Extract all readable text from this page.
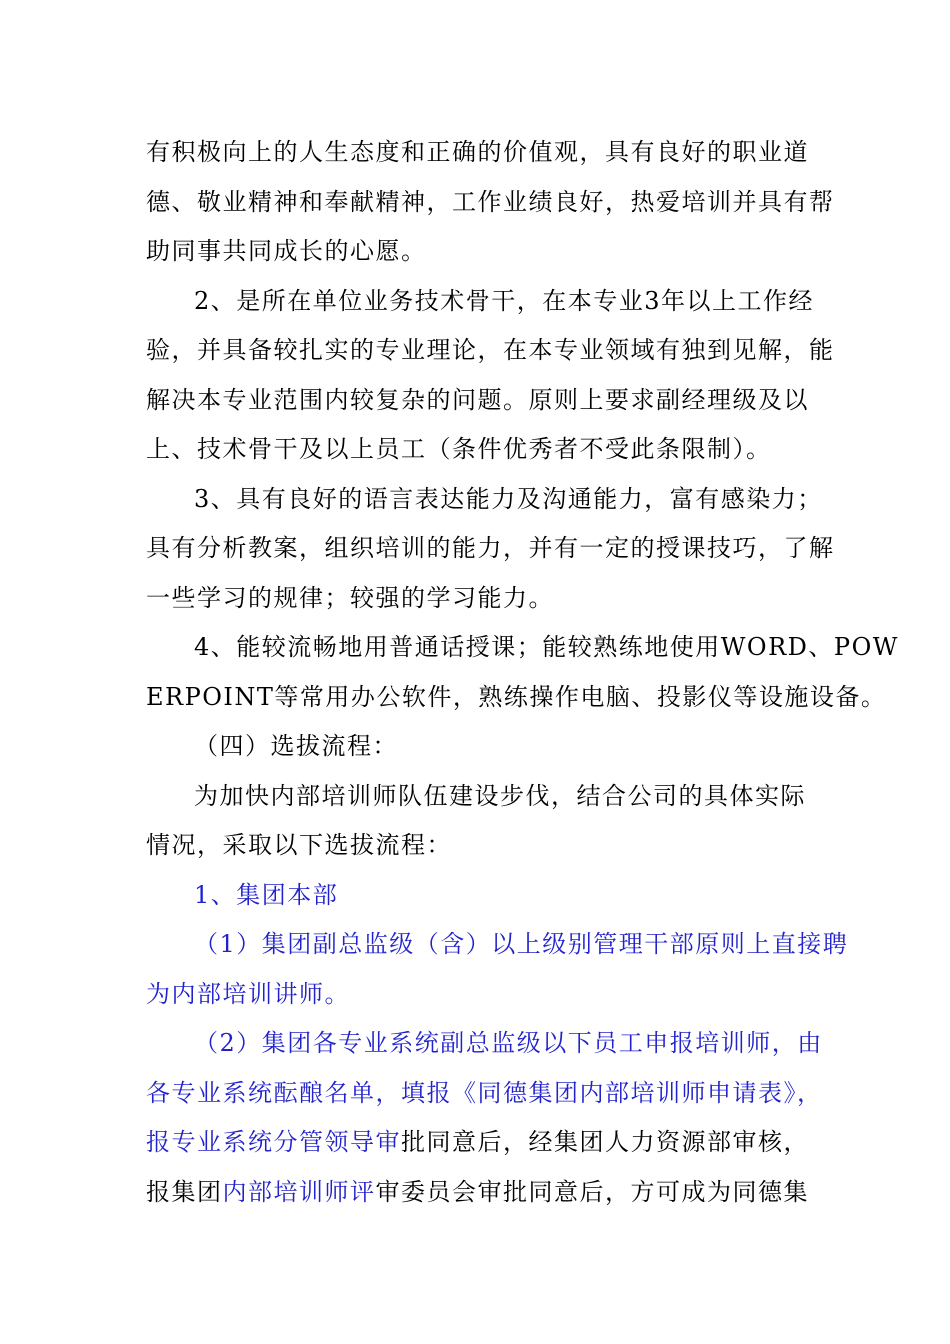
有积极向上的人生态度和正确的价值观，具有良好的职业道
德、敬业精神和奉献精神，工作业绩良好，热爱培训并具有帮
助同事共同成长的心愿。
2、是所在单位业务技术骨干，在本专业3年以上工作经
验，并具备较扎实的专业理论，在本专业领域有独到见解，能
解决本专业范围内较复杂的问题。原则上要求副经理级及以
上、技术骨干及以上员工（条件优秀者不受此条限制）。
3、具有良好的语言表达能力及沟通能力，富有感染力；
具有分析教案，组织培训的能力，并有一定的授课技巧，了解
一些学习的规律；较强的学习能力。
4、能较流畅地用普通话授课；能较熟练地使用WORD、POW
ERPOINT等常用办公软件，熟练操作电脑、投影仪等设施设备。
（四）选拔流程：
为加快内部培训师队伍建设步伐，结合公司的具体实际
情况，采取以下选拔流程：
1、集团本部
（1）集团副总监级（含）以上级别管理干部原则上直接聘
为内部培训讲师。
（2）集团各专业系统副总监级以下员工申报培训师，由
各专业系统酝酿名单，填报《同德集团内部培训师申请表》，
报专业系统分管领导审批同意后，经集团人力资源部审核，
报集团内部培训师评审委员会审批同意后，方可成为同德集
